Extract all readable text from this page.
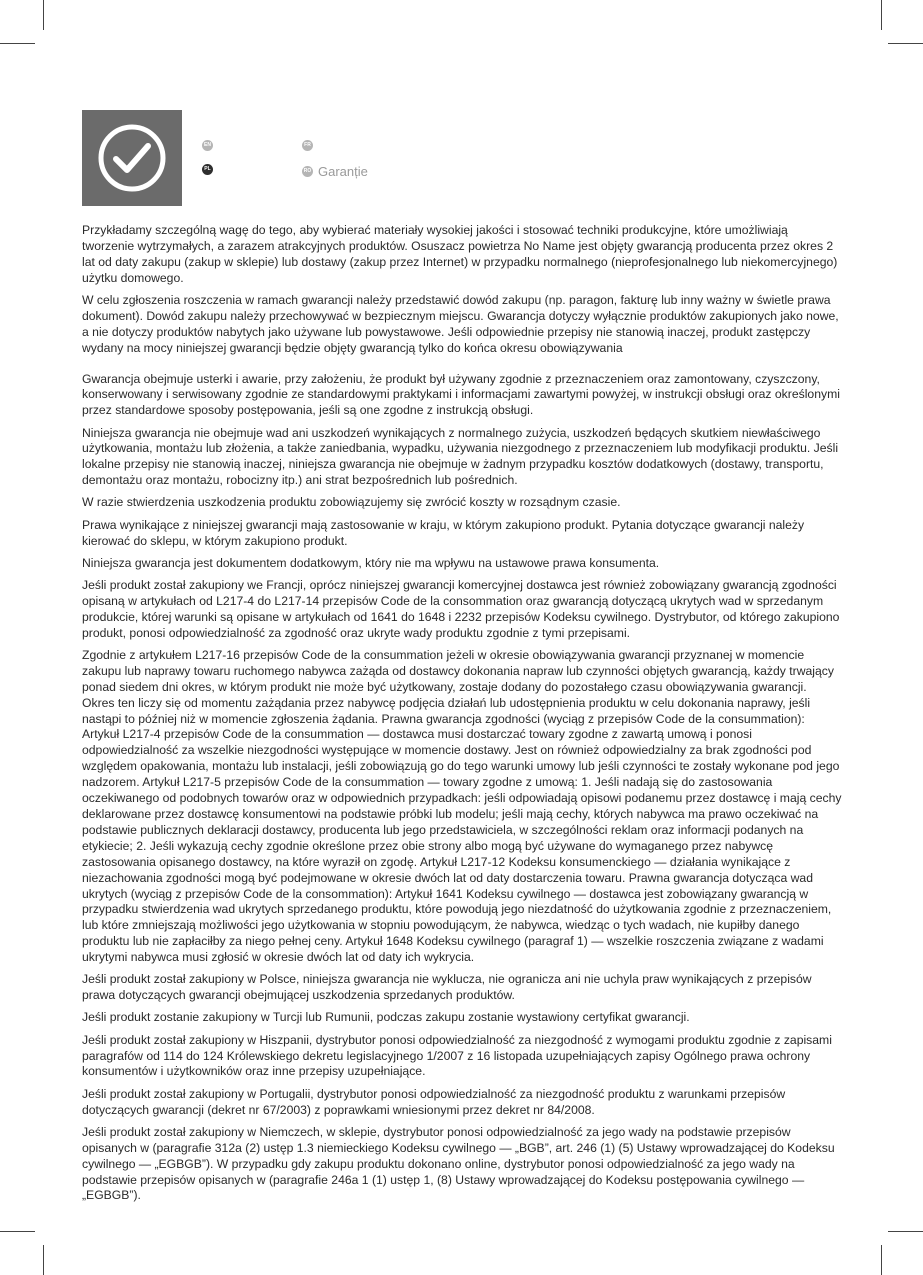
EN	FR
PL	RO Garanție

Przykładamy szczególną wagę do tego, aby wybierać materiały wysokiej jakości i stosować techniki produkcyjne, które umożliwiają tworzenie wytrzymałych, a zarazem atrakcyjnych produktów. Osuszacz powietrza No Name jest objęty gwarancją producenta przez okres 2 lat od daty zakupu (zakup w sklepie) lub dostawy (zakup przez Internet) w przypadku normalnego (nieprofesjonalnego lub niekomercyjnego) użytku domowego.

W celu zgłoszenia roszczenia w ramach gwarancji należy przedstawić dowód zakupu (np. paragon, fakturę lub inny ważny w świetle prawa dokument). Dowód zakupu należy przechowywać w bezpiecznym miejscu. Gwarancja dotyczy wyłącznie produktów zakupionych jako nowe, a nie dotyczy produktów nabytych jako używane lub powystawowe. Jeśli odpowiednie przepisy nie stanowią inaczej, produkt zastępczy wydany na mocy niniejszej gwarancji będzie objęty gwarancją tylko do końca okresu obowiązywania

Gwarancja obejmuje usterki i awarie, przy założeniu, że produkt był używany zgodnie z przeznaczeniem oraz zamontowany, czyszczony, konserwowany i serwisowany zgodnie ze standardowymi praktykami i informacjami zawartymi powyżej, w instrukcji obsługi oraz określonymi przez standardowe sposoby postępowania, jeśli są one zgodne z instrukcją obsługi.

Niniejsza gwarancja nie obejmuje wad ani uszkodzeń wynikających z normalnego zużycia, uszkodzeń będących skutkiem niewłaściwego użytkowania, montażu lub złożenia, a także zaniedbania, wypadku, używania niezgodnego z przeznaczeniem lub modyfikacji produktu. Jeśli lokalne przepisy nie stanowią inaczej, niniejsza gwarancja nie obejmuje w żadnym przypadku kosztów dodatkowych (dostawy, transportu, demontażu oraz montażu, robocizny itp.) ani strat bezpośrednich lub pośrednich.

W razie stwierdzenia uszkodzenia produktu zobowiązujemy się zwrócić koszty w rozsądnym czasie.

Prawa wynikające z niniejszej gwarancji mają zastosowanie w kraju, w którym zakupiono produkt. Pytania dotyczące gwarancji należy kierować do sklepu, w którym zakupiono produkt.

Niniejsza gwarancja jest dokumentem dodatkowym, który nie ma wpływu na ustawowe prawa konsumenta.

Jeśli produkt został zakupiony we Francji, oprócz niniejszej gwarancji komercyjnej dostawca jest również zobowiązany gwarancją zgodności opisaną w artykułach od L217-4 do L217-14 przepisów Code de la consommation oraz gwarancją dotyczącą ukrytych wad w sprzedanym produkcie, której warunki są opisane w artykułach od 1641 do 1648 i 2232 przepisów Kodeksu cywilnego. Dystrybutor, od którego zakupiono produkt, ponosi odpowiedzialność za zgodność oraz ukryte wady produktu zgodnie z tymi przepisami.

Zgodnie z artykułem L217-16 przepisów Code de la consummation jeżeli w okresie obowiązywania gwarancji przyznanej w momencie zakupu lub naprawy towaru ruchomego nabywca zażąda od dostawcy dokonania napraw lub czynności objętych gwarancją, każdy trwający ponad siedem dni okres, w którym produkt nie może być użytkowany, zostaje dodany do pozostałego czasu obowiązywania gwarancji. Okres ten liczy się od momentu zażądania przez nabywcę podjęcia działań lub udostępnienia produktu w celu dokonania naprawy, jeśli nastąpi to później niż w momencie zgłoszenia żądania. Prawna gwarancja zgodności (wyciąg z przepisów Code de la consummation): Artykuł L217-4 przepisów Code de la consummation — dostawca musi dostarczać towary zgodne z zawartą umową i ponosi odpowiedzialność za wszelkie niezgodności występujące w momencie dostawy. Jest on również odpowiedzialny za brak zgodności pod względem opakowania, montażu lub instalacji, jeśli zobowiązują go do tego warunki umowy lub jeśli czynności te zostały wykonane pod jego nadzorem. Artykuł L217-5 przepisów Code de la consummation — towary zgodne z umową: 1. Jeśli nadają się do zastosowania oczekiwanego od podobnych towarów oraz w odpowiednich przypadkach: jeśli odpowiadają opisowi podanemu przez dostawcę i mają cechy deklarowane przez dostawcę konsumentowi na podstawie próbki lub modelu; jeśli mają cechy, których nabywca ma prawo oczekiwać na podstawie publicznych deklaracji dostawcy, producenta lub jego przedstawiciela, w szczególności reklam oraz informacji podanych na etykiecie; 2. Jeśli wykazują cechy zgodnie określone przez obie strony albo mogą być używane do wymaganego przez nabywcę zastosowania opisanego dostawcy, na które wyraził on zgodę. Artykuł L217-12 Kodeksu konsumenckiego — działania wynikające z niezachowania zgodności mogą być podejmowane w okresie dwóch lat od daty dostarczenia towaru. Prawna gwarancja dotycząca wad ukrytych (wyciąg z przepisów Code de la consommation): Artykuł 1641 Kodeksu cywilnego — dostawca jest zobowiązany gwarancją w przypadku stwierdzenia wad ukrytych sprzedanego produktu, które powodują jego niezdatność do użytkowania zgodnie z przeznaczeniem, lub które zmniejszają możliwości jego użytkowania w stopniu powodującym, że nabywca, wiedząc o tych wadach, nie kupiłby danego produktu lub nie zapłaciłby za niego pełnej ceny. Artykuł 1648 Kodeksu cywilnego (paragraf 1) — wszelkie roszczenia związane z wadami ukrytymi nabywca musi zgłosić w okresie dwóch lat od daty ich wykrycia.

Jeśli produkt został zakupiony w Polsce, niniejsza gwarancja nie wyklucza, nie ogranicza ani nie uchyla praw wynikających z przepisów prawa dotyczących gwarancji obejmującej uszkodzenia sprzedanych produktów.

Jeśli produkt zostanie zakupiony w Turcji lub Rumunii, podczas zakupu zostanie wystawiony certyfikat gwarancji.

Jeśli produkt został zakupiony w Hiszpanii, dystrybutor ponosi odpowiedzialność za niezgodność z wymogami produktu zgodnie z zapisami paragrafów od 114 do 124 Królewskiego dekretu legislacyjnego 1/2007 z 16 listopada uzupełniających zapisy Ogólnego prawa ochrony konsumentów i użytkowników oraz inne przepisy uzupełniające.

Jeśli produkt został zakupiony w Portugalii, dystrybutor ponosi odpowiedzialność za niezgodność produktu z warunkami przepisów dotyczących gwarancji (dekret nr 67/2003) z poprawkami wniesionymi przez dekret nr 84/2008.

Jeśli produkt został zakupiony w Niemczech, w sklepie, dystrybutor ponosi odpowiedzialność za jego wady na podstawie przepisów opisanych w (paragrafie 312a (2) ustęp 1.3 niemieckiego Kodeksu cywilnego — „BGB”, art. 246 (1) (5) Ustawy wprowadzającej do Kodeksu cywilnego — „EGBGB”). W przypadku gdy zakupu produktu dokonano online, dystrybutor ponosi odpowiedzialność za jego wady na podstawie przepisów opisanych w (paragrafie 246a 1 (1) ustęp 1, (8) Ustawy wprowadzającej do Kodeksu postępowania cywilnego — „EGBGB”).
